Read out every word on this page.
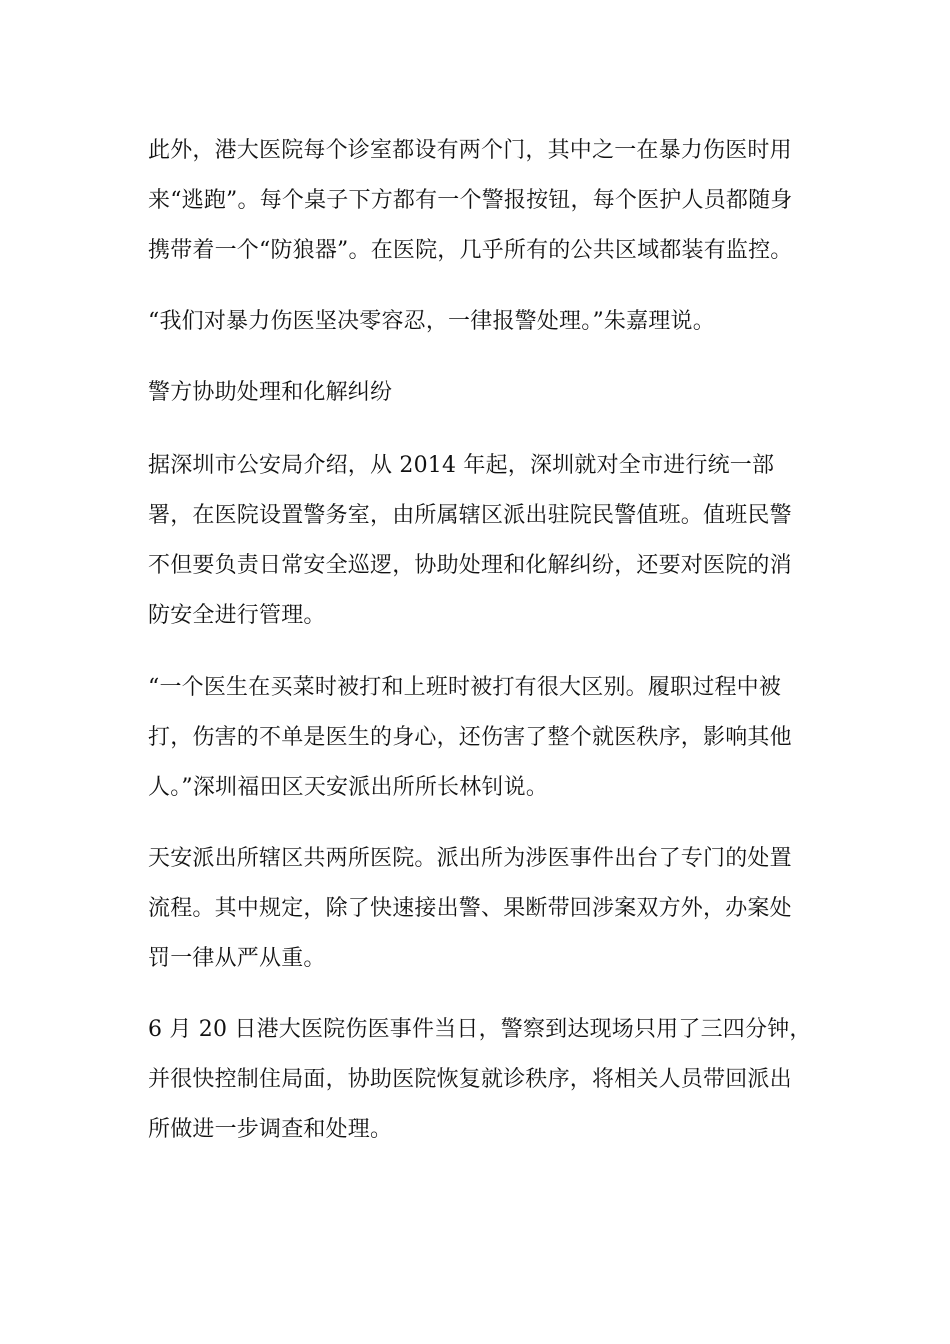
此外，港大医院每个诊室都设有两个门，其中之一在暴力伤医时用
来“逃跑”。每个桌子下方都有一个警报按钮，每个医护人员都随身
携带着一个“防狼器”。在医院，几乎所有的公共区域都装有监控。

“我们对暴力伤医坚决零容忍，一律报警处理。”朱嘉理说。

警方协助处理和化解纠纷

据深圳市公安局介绍，从 2014 年起，深圳就对全市进行统一部
署，在医院设置警务室，由所属辖区派出驻院民警值班。值班民警
不但要负责日常安全巡逻，协助处理和化解纠纷，还要对医院的消
防安全进行管理。

“一个医生在买菜时被打和上班时被打有很大区别。履职过程中被
打，伤害的不单是医生的身心，还伤害了整个就医秩序，影响其他
人。”深圳福田区天安派出所所长林钊说。

天安派出所辖区共两所医院。派出所为涉医事件出台了专门的处置
流程。其中规定，除了快速接出警、果断带回涉案双方外，办案处
罚一律从严从重。

6 月 20 日港大医院伤医事件当日，警察到达现场只用了三四分钟，
并很快控制住局面，协助医院恢复就诊秩序，将相关人员带回派出
所做进一步调查和处理。
